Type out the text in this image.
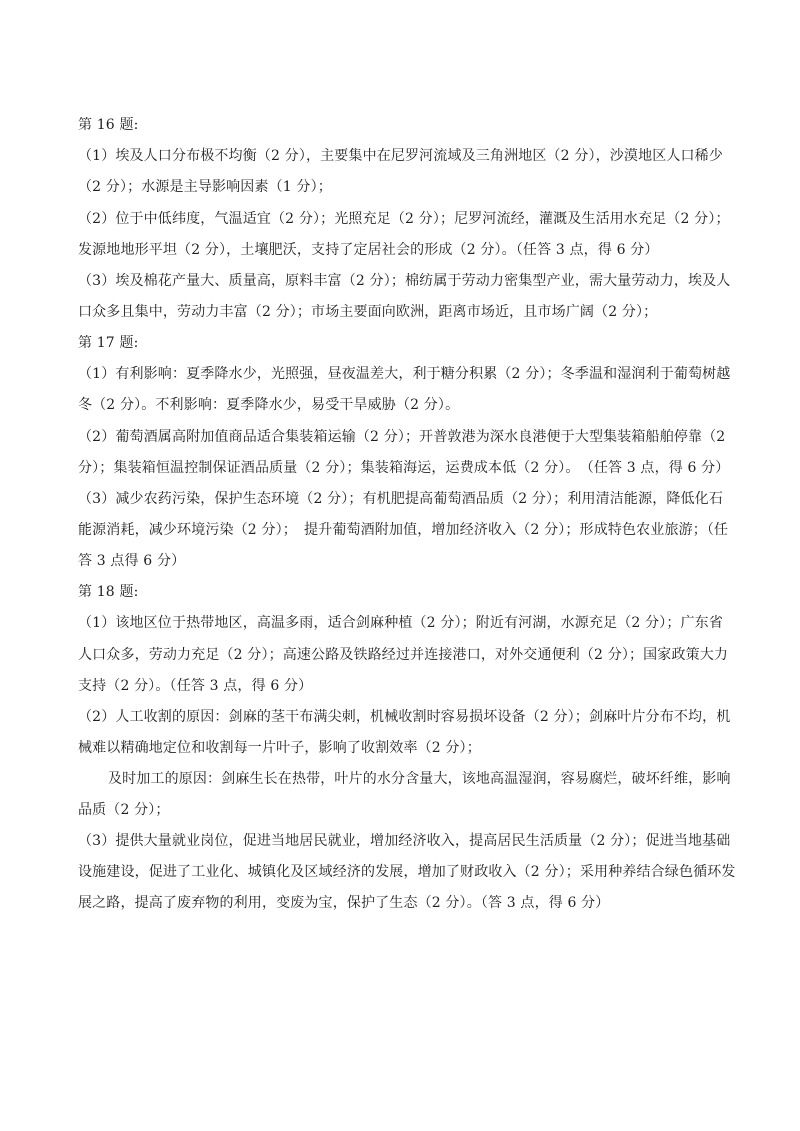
第 16 题:
（1）埃及人口分布极不均衡（2 分），主要集中在尼罗河流域及三角洲地区（2 分），沙漠地区人口稀少
（2 分）；水源是主导影响因素（1 分）；
（2）位于中低纬度，气温适宜（2 分）；光照充足（2 分）；尼罗河流经，灌溉及生活用水充足（2 分）；
发源地地形平坦（2 分），土壤肥沃，支持了定居社会的形成（2 分）。（任答 3 点，得 6 分）
（3）埃及棉花产量大、质量高，原料丰富（2 分）；棉纺属于劳动力密集型产业，需大量劳动力，埃及人
口众多且集中，劳动力丰富（2 分）；市场主要面向欧洲，距离市场近，且市场广阔（2 分）；
第 17 题:
（1）有利影响：夏季降水少，光照强，昼夜温差大，利于糖分积累（2 分）；冬季温和湿润利于葡萄树越
冬（2 分）。不利影响：夏季降水少，易受干旱威胁（2 分）。
（2）葡萄酒属高附加值商品适合集装箱运输（2 分）；开普敦港为深水良港便于大型集装箱船舶停靠（2
分）；集装箱恒温控制保证酒品质量（2 分）；集装箱海运，运费成本低（2 分）。　（任答 3 点，得 6 分）
（3）减少农药污染，保护生态环境（2 分）；有机肥提高葡萄酒品质（2 分）；利用清洁能源，降低化石
能源消耗，减少环境污染（2 分）；　提升葡萄酒附加值，增加经济收入（2 分）；形成特色农业旅游；（任
答 3 点得 6 分）
第 18 题:
（1）该地区位于热带地区，高温多雨，适合剑麻种植（2 分）；附近有河湖，水源充足（2 分）；广东省
人口众多，劳动力充足（2 分）；高速公路及铁路经过并连接港口，对外交通便利（2 分）；国家政策大力
支持（2 分）。（任答 3 点，得 6 分）
（2）人工收割的原因：剑麻的茎干布满尖刺，机械收割时容易损坏设备（2 分）；剑麻叶片分布不均，机
械难以精确地定位和收割每一片叶子，影响了收割效率（2 分）；
及时加工的原因：剑麻生长在热带，叶片的水分含量大，该地高温湿润，容易腐烂，破坏纤维，影响
品质（2 分）；
（3）提供大量就业岗位，促进当地居民就业，增加经济收入，提高居民生活质量（2 分）；促进当地基础
设施建设，促进了工业化、城镇化及区域经济的发展，增加了财政收入（2 分）；采用种养结合绿色循环发
展之路，提高了废弃物的利用，变废为宝，保护了生态（2 分）。（答 3 点，得 6 分）
